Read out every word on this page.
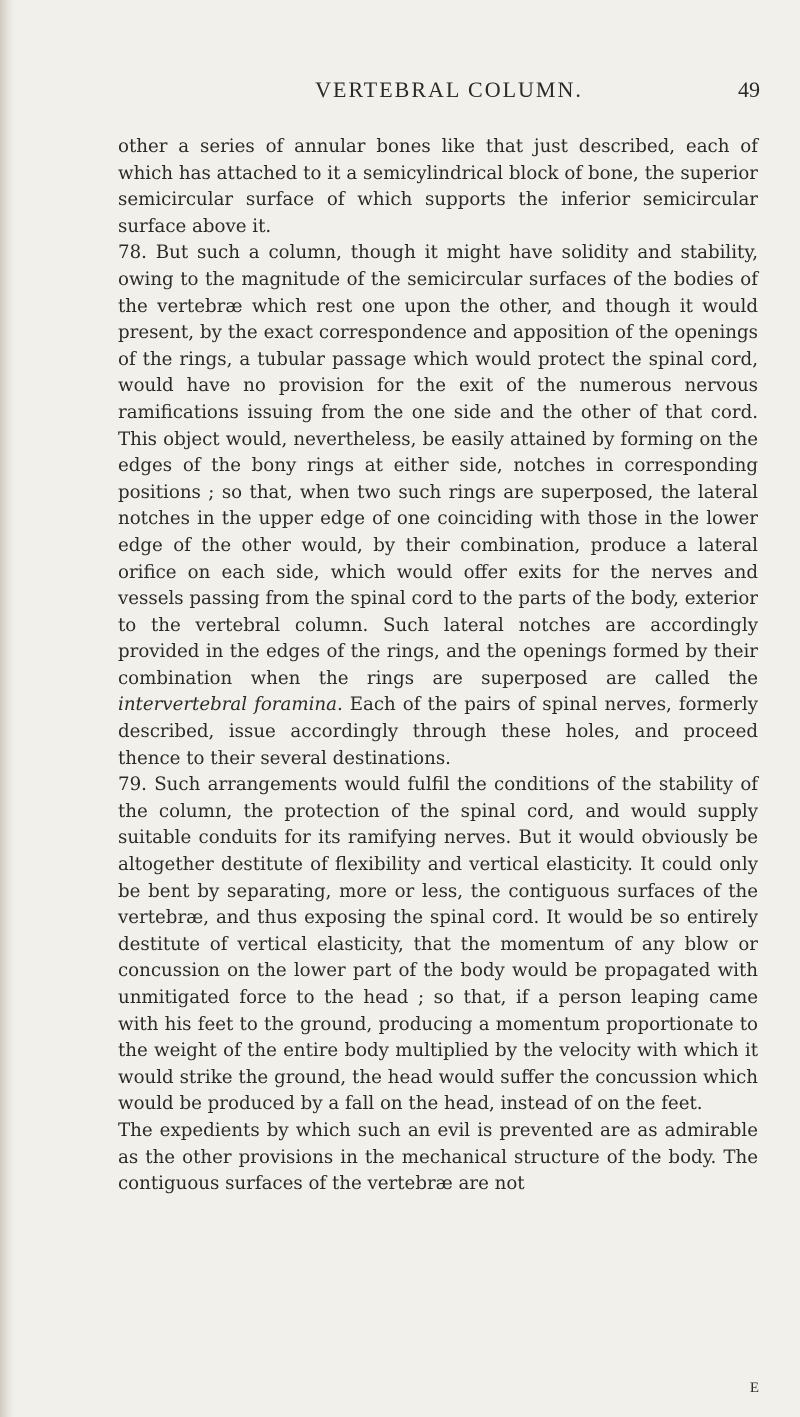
VERTEBRAL COLUMN.	49

other a series of annular bones like that just described, each of which has attached to it a semicylindrical block of bone, the superior semicircular surface of which supports the inferior semicircular surface above it.

78. But such a column, though it might have solidity and stability, owing to the magnitude of the semicircular surfaces of the bodies of the vertebræ which rest one upon the other, and though it would present, by the exact correspondence and apposition of the openings of the rings, a tubular passage which would protect the spinal cord, would have no provision for the exit of the numerous nervous ramifications issuing from the one side and the other of that cord. This object would, nevertheless, be easily attained by forming on the edges of the bony rings at either side, notches in corresponding positions ; so that, when two such rings are superposed, the lateral notches in the upper edge of one coinciding with those in the lower edge of the other would, by their combination, produce a lateral orifice on each side, which would offer exits for the nerves and vessels passing from the spinal cord to the parts of the body, exterior to the vertebral column. Such lateral notches are accordingly provided in the edges of the rings, and the openings formed by their combination when the rings are superposed are called the intervertebral foramina. Each of the pairs of spinal nerves, formerly described, issue accordingly through these holes, and proceed thence to their several destinations.

79. Such arrangements would fulfil the conditions of the stability of the column, the protection of the spinal cord, and would supply suitable conduits for its ramifying nerves. But it would obviously be altogether destitute of flexibility and vertical elasticity. It could only be bent by separating, more or less, the contiguous surfaces of the vertebræ, and thus exposing the spinal cord. It would be so entirely destitute of vertical elasticity, that the momentum of any blow or concussion on the lower part of the body would be propagated with unmitigated force to the head ; so that, if a person leaping came with his feet to the ground, producing a momentum proportionate to the weight of the entire body multiplied by the velocity with which it would strike the ground, the head would suffer the concussion which would be produced by a fall on the head, instead of on the feet.

The expedients by which such an evil is prevented are as admirable as the other provisions in the mechanical structure of the body. The contiguous surfaces of the vertebræ are not

E
